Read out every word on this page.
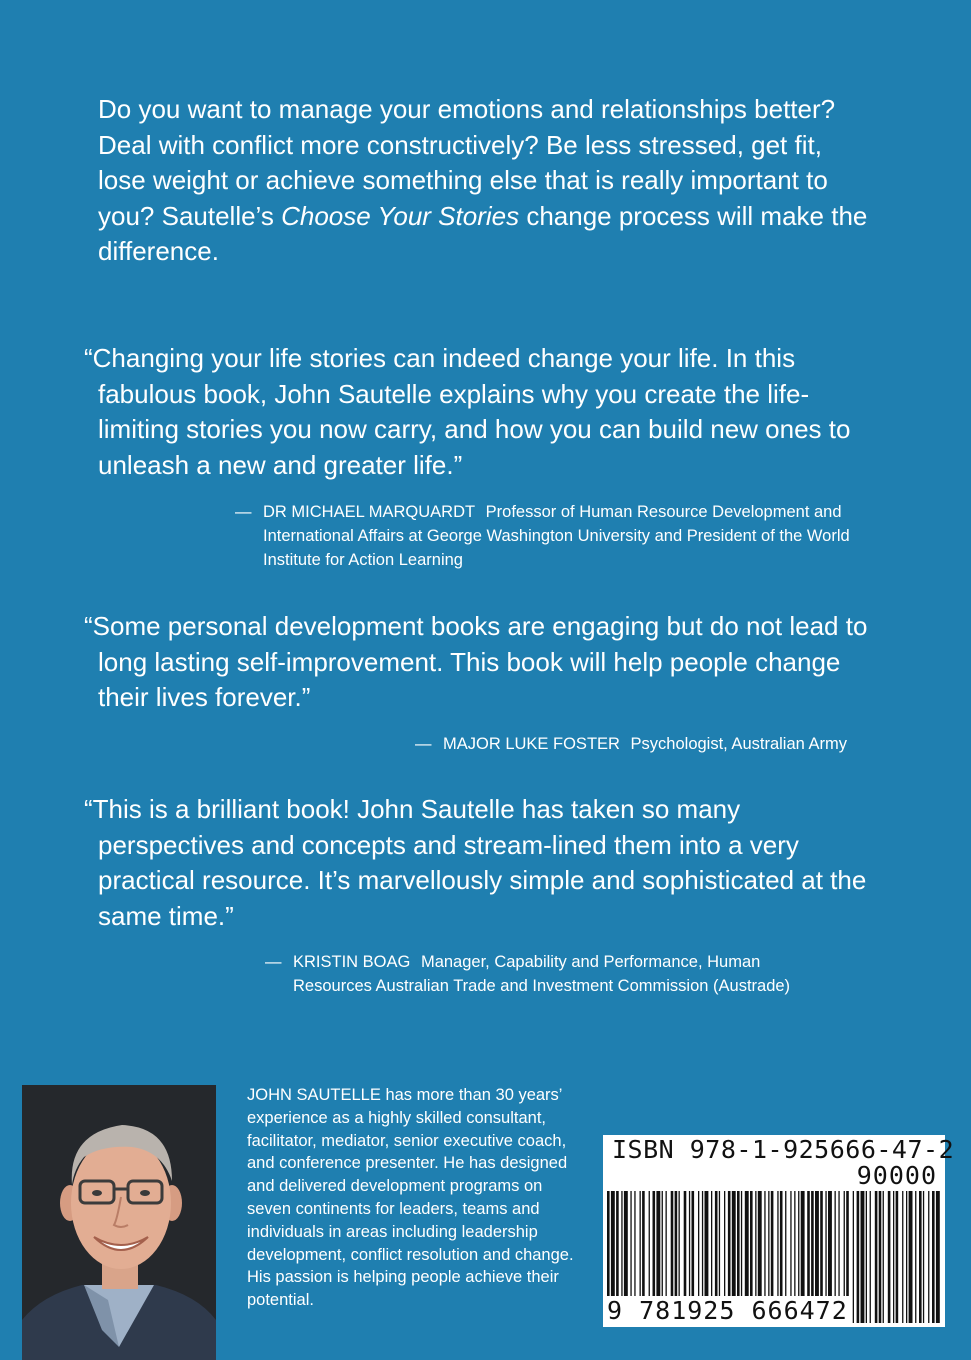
Do you want to manage your emotions and relationships better? Deal with conflict more constructively? Be less stressed, get fit, lose weight or achieve something else that is really important to you? Sautelle’s Choose Your Stories change process will make the difference.

“Changing your life stories can indeed change your life. In this fabulous book, John Sautelle explains why you create the life-limiting stories you now carry, and how you can build new ones to unleash a new and greater life.”

— DR MICHAEL MARQUARDT Professor of Human Resource Development and International Affairs at George Washington University and President of the World Institute for Action Learning

“Some personal development books are engaging but do not lead to long lasting self-improvement. This book will help people change their lives forever.”

— MAJOR LUKE FOSTER Psychologist, Australian Army

“This is a brilliant book! John Sautelle has taken so many perspectives and concepts and stream-lined them into a very practical resource. It’s marvellously simple and sophisticated at the same time.”

— KRISTIN BOAG Manager, Capability and Performance, Human Resources Australian Trade and Investment Commission (Austrade)

JOHN SAUTELLE has more than 30 years’ experience as a highly skilled consultant, facilitator, mediator, senior executive coach, and conference presenter. He has designed and delivered development programs on seven continents for leaders, teams and individuals in areas including leadership development, conflict resolution and change. His passion is helping people achieve their potential.

ISBN 978-1-925666-47-2
90000
9 781925 666472
